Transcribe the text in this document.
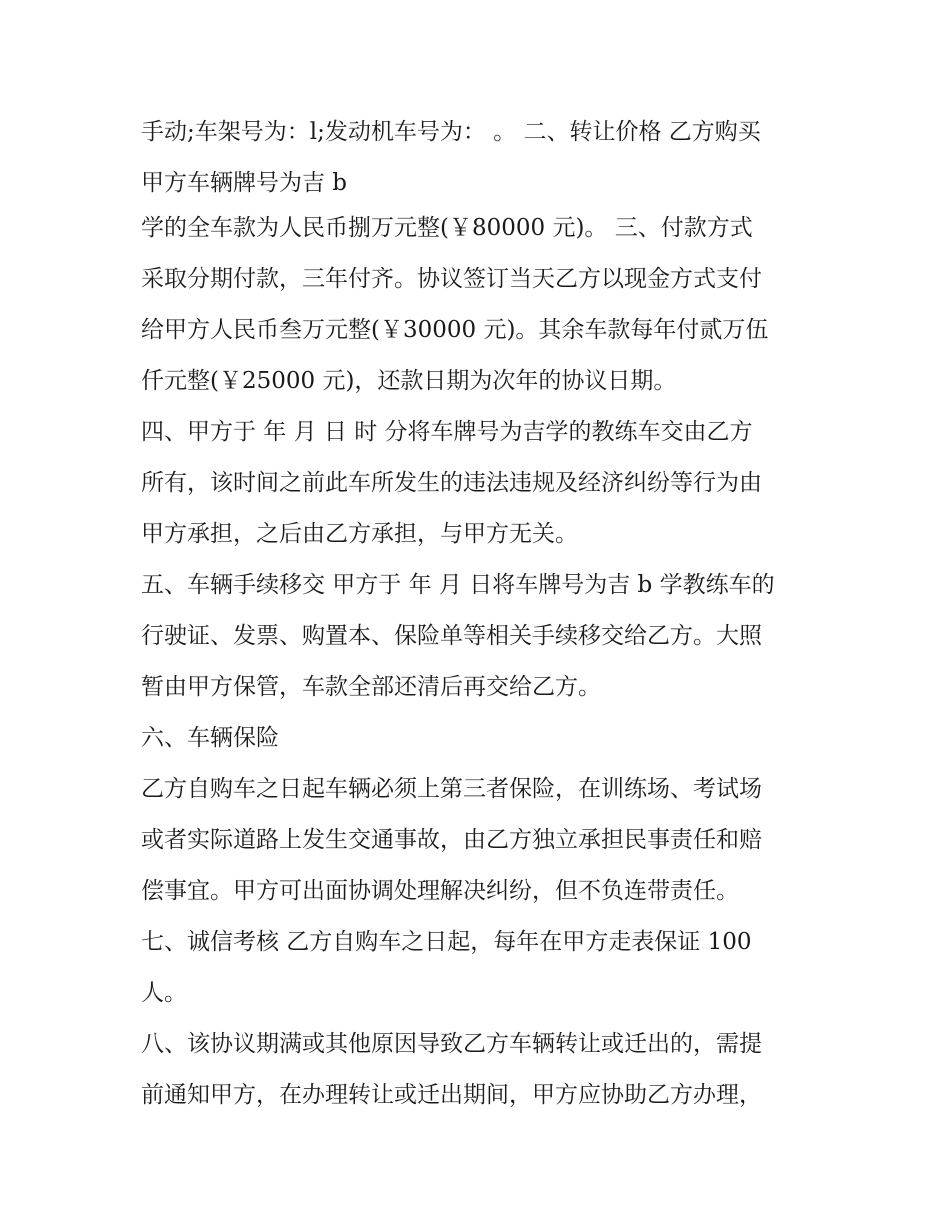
手动;车架号为：l;发动机车号为： 。 二、转让价格 乙方购买
甲方车辆牌号为吉 b
学的全车款为人民币捌万元整(￥80000 元)。 三、付款方式
采取分期付款，三年付齐。协议签订当天乙方以现金方式支付
给甲方人民币叁万元整(￥30000 元)。其余车款每年付贰万伍
仟元整(￥25000 元)，还款日期为次年的协议日期。
四、甲方于 年 月 日 时 分将车牌号为吉学的教练车交由乙方
所有，该时间之前此车所发生的违法违规及经济纠纷等行为由
甲方承担，之后由乙方承担，与甲方无关。
五、车辆手续移交 甲方于 年 月 日将车牌号为吉 b 学教练车的
行驶证、发票、购置本、保险单等相关手续移交给乙方。大照
暂由甲方保管，车款全部还清后再交给乙方。
六、车辆保险
乙方自购车之日起车辆必须上第三者保险，在训练场、考试场
或者实际道路上发生交通事故，由乙方独立承担民事责任和赔
偿事宜。甲方可出面协调处理解决纠纷，但不负连带责任。
七、诚信考核 乙方自购车之日起，每年在甲方走表保证 100
人。
八、该协议期满或其他原因导致乙方车辆转让或迁出的，需提
前通知甲方，在办理转让或迁出期间，甲方应协助乙方办理，
